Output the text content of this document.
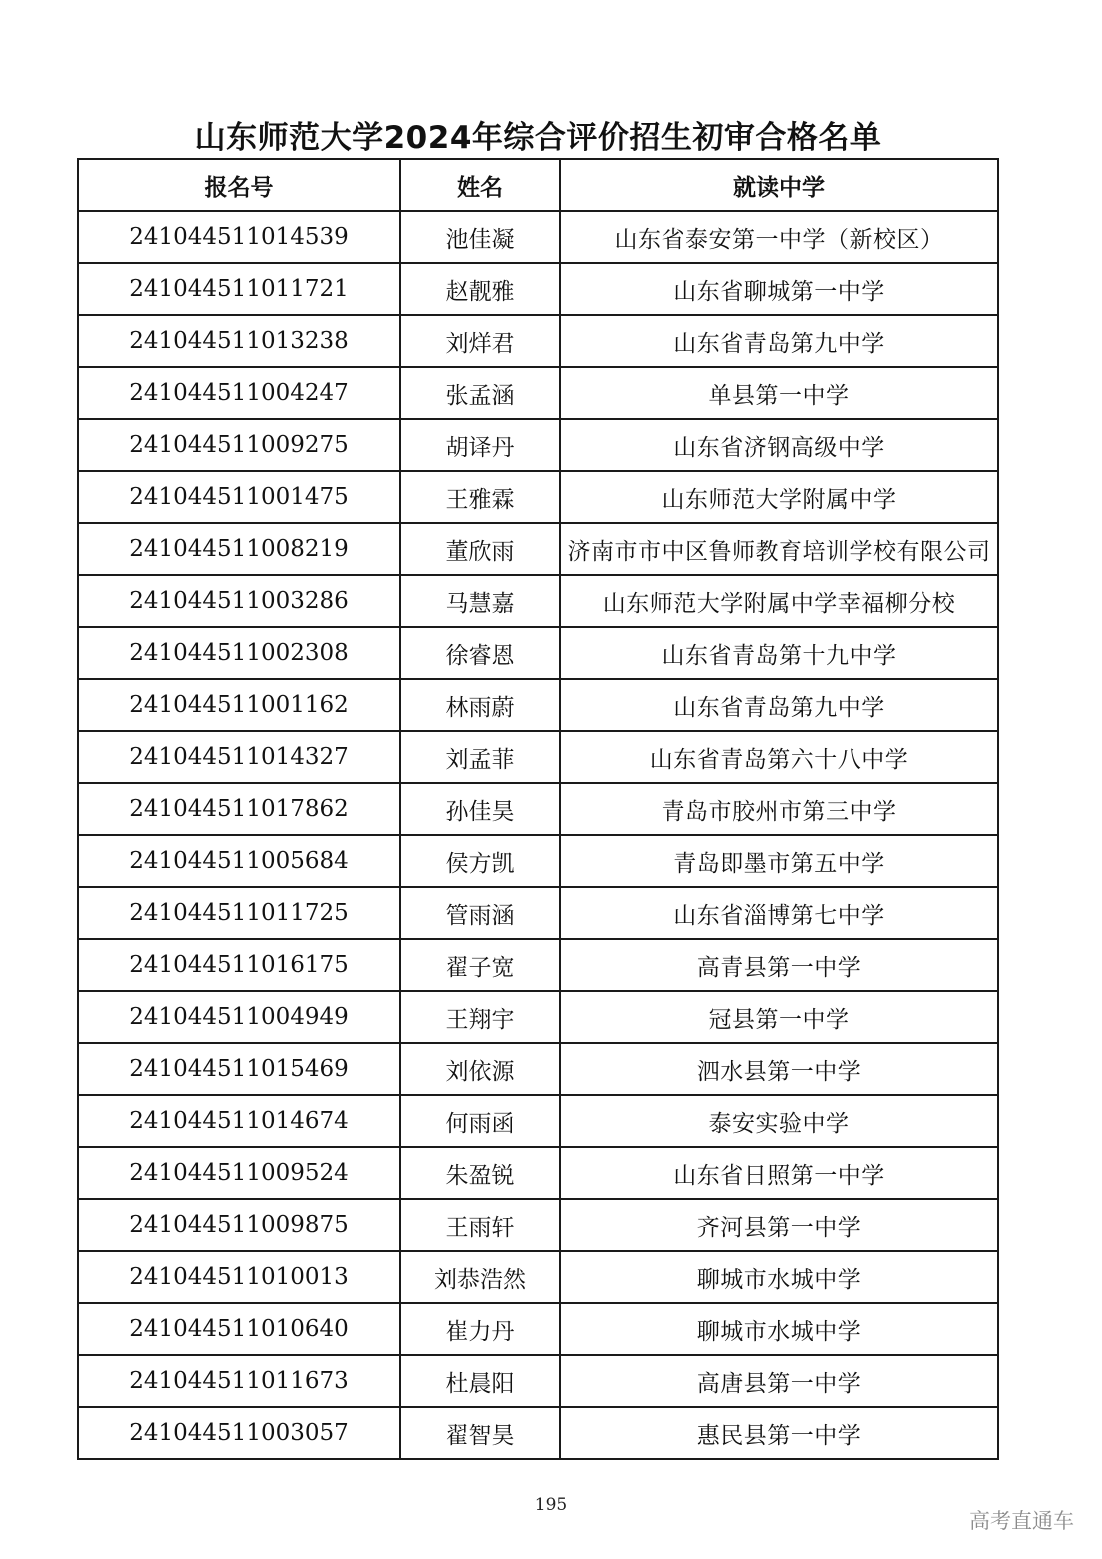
山东师范大学2024年综合评价招生初审合格名单
报名号	姓名	就读中学
241044511014539	池佳凝	山东省泰安第一中学（新校区）
241044511011721	赵靓雅	山东省聊城第一中学
241044511013238	刘烊君	山东省青岛第九中学
241044511004247	张孟涵	单县第一中学
241044511009275	胡译丹	山东省济钢高级中学
241044511001475	王雅霖	山东师范大学附属中学
241044511008219	董欣雨	济南市市中区鲁师教育培训学校有限公司
241044511003286	马慧嘉	山东师范大学附属中学幸福柳分校
241044511002308	徐睿恩	山东省青岛第十九中学
241044511001162	林雨蔚	山东省青岛第九中学
241044511014327	刘孟菲	山东省青岛第六十八中学
241044511017862	孙佳昊	青岛市胶州市第三中学
241044511005684	侯方凯	青岛即墨市第五中学
241044511011725	管雨涵	山东省淄博第七中学
241044511016175	翟子宽	高青县第一中学
241044511004949	王翔宇	冠县第一中学
241044511015469	刘依源	泗水县第一中学
241044511014674	何雨函	泰安实验中学
241044511009524	朱盈锐	山东省日照第一中学
241044511009875	王雨轩	齐河县第一中学
241044511010013	刘恭浩然	聊城市水城中学
241044511010640	崔力丹	聊城市水城中学
241044511011673	杜晨阳	高唐县第一中学
241044511003057	翟智昊	惠民县第一中学
195
高考直通车
